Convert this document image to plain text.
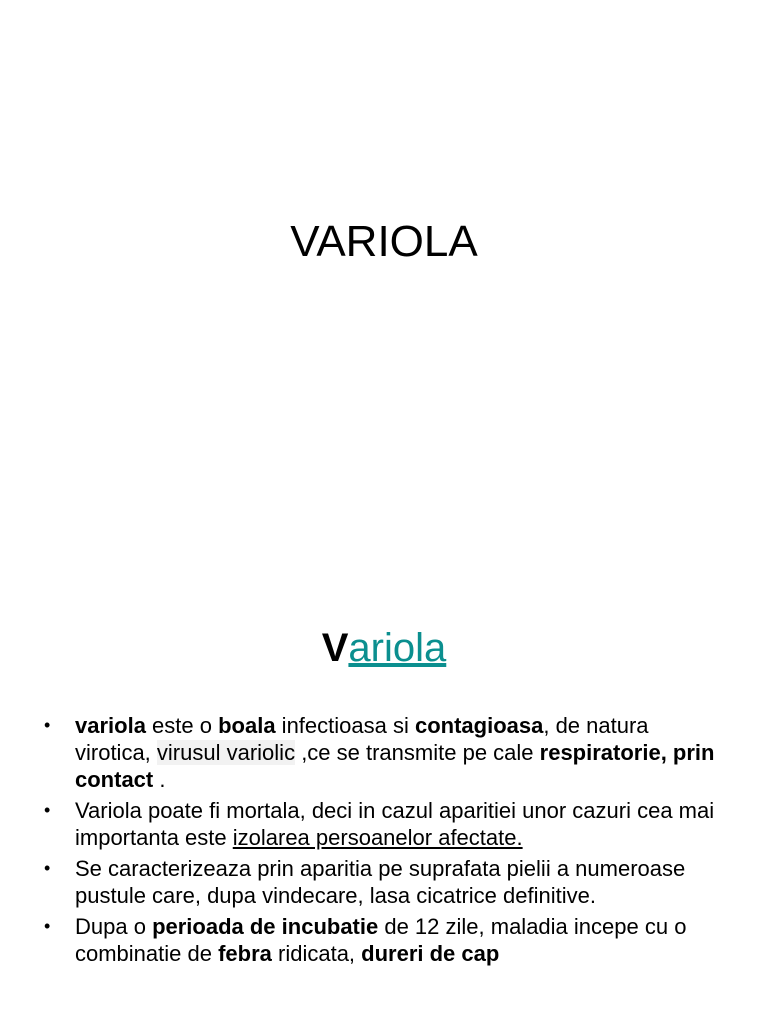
VARIOLA
Variola
• variola este o boala infectioasa si contagioasa, de natura virotica, virusul variolic ,ce se transmite pe cale respiratorie, prin contact .
• Variola poate fi mortala, deci in cazul aparitiei unor cazuri cea mai importanta este izolarea persoanelor afectate.
• Se caracterizeaza prin aparitia pe suprafata pielii a numeroase pustule care, dupa vindecare, lasa cicatrice definitive.
• Dupa o perioada de incubatie de 12 zile, maladia incepe cu o combinatie de febra ridicata, dureri de cap
